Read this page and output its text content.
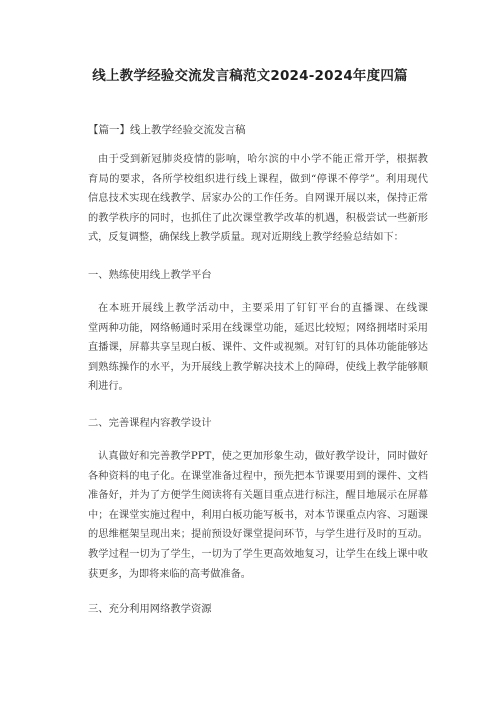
线上教学经验交流发言稿范文2024-2024年度四篇

【篇一】线上教学经验交流发言稿

由于受到新冠肺炎疫情的影响，哈尔滨的中小学不能正常开学，根据教
育局的要求，各所学校组织进行线上课程，做到“停课不停学”。利用现代
信息技术实现在线教学、居家办公的工作任务。自网课开展以来，保持正常
的教学秩序的同时，也抓住了此次课堂教学改革的机遇，积极尝试一些新形
式，反复调整，确保线上教学质量。现对近期线上教学经验总结如下：

一、熟练使用线上教学平台

在本班开展线上教学活动中，主要采用了钉钉平台的直播课、在线课
堂两种功能，网络畅通时采用在线课堂功能，延迟比较短；网络拥堵时采用
直播课，屏幕共享呈现白板、课件、文件或视频。对钉钉的具体功能能够达
到熟练操作的水平，为开展线上教学解决技术上的障碍，使线上教学能够顺
利进行。

二、完善课程内容教学设计

认真做好和完善教学PPT，使之更加形象生动，做好教学设计，同时做好
各种资料的电子化。在课堂准备过程中，预先把本节课要用到的课件、文档
准备好，并为了方便学生阅读将有关题目重点进行标注，醒目地展示在屏幕
中；在课堂实施过程中，利用白板功能写板书，对本节课重点内容、习题课
的思维框架呈现出来；提前预设好课堂提问环节，与学生进行及时的互动。
教学过程一切为了学生，一切为了学生更高效地复习，让学生在线上课中收
获更多，为即将来临的高考做准备。

三、充分利用网络教学资源
